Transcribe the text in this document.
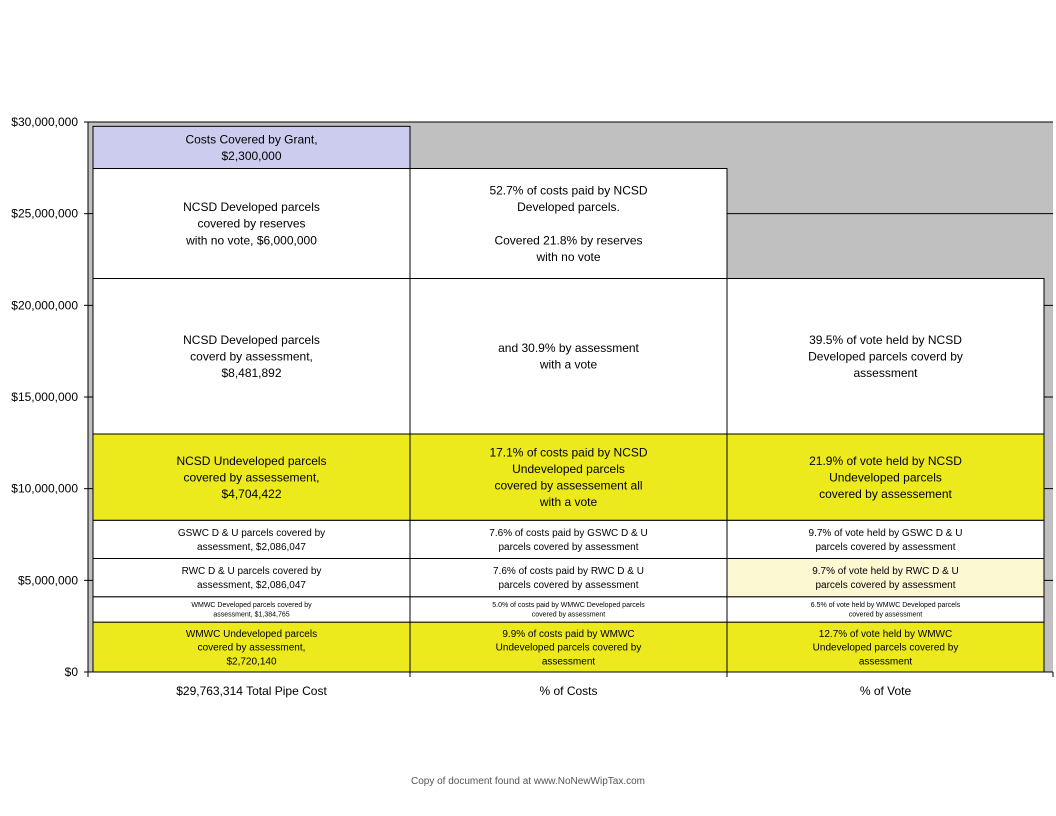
WMWC Undeveloped parcels covered by assessment, $2,720,140
WMWC Developed parcels covered by assessment, $1,384,765
RWC D & U parcels covered by assessment, $2,086,047
GSWC D & U parcels covered by assessment, $2,086,047
NCSD Undeveloped parcels covered by assessement, $4,704,422
NCSD Developed parcels coverd by assessment, $8,481,892
NCSD Developed parcels covered by reserves with no vote, $6,000,000
Costs Covered by Grant, $2,300,000
9.9% of costs paid by WMWC Undeveloped parcels covered by assessment
5.0% of costs paid by WMWC Developed parcels covered by assessment
7.6% of costs paid by RWC D & U parcels covered by assessment
7.6% of costs paid by GSWC D & U parcels covered by assessment
17.1% of costs paid by NCSD Undeveloped parcels covered by assessement all with a vote
and 30.9% by assessment with a vote
52.7% of costs paid by NCSD Developed parcels. Covered 21.8% by reserves with no vote
12.7% of vote held by WMWC Undeveloped parcels covered by assessment
6.5% of vote held by WMWC Developed parcels covered by assessment
9.7% of vote held by RWC D & U parcels covered by assessment
9.7% of vote held by GSWC D & U parcels covered by assessment
21.9% of vote held by NCSD Undeveloped parcels covered by assessement
39.5% of vote held by NCSD Developed parcels coverd by assessment
$0
$5,000,000
$10,000,000
$15,000,000
$20,000,000
$25,000,000
$30,000,000
$29,763,314 Total Pipe Cost	% of Costs	% of Vote
Copy of document found at www.NoNewWipTax.com
